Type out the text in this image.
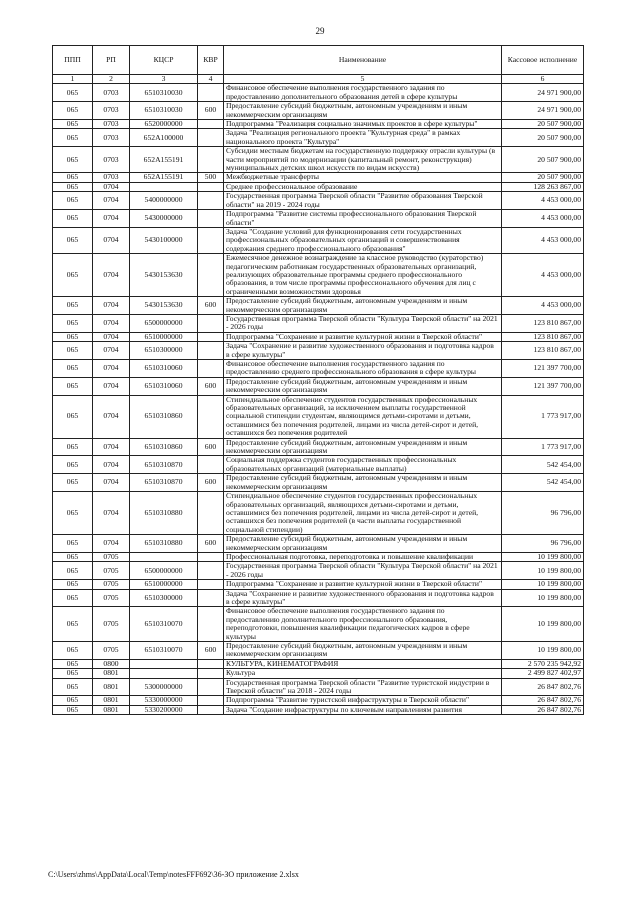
29
ППП	РП	КЦСР	КВР	Наименование	Кассовое исполнение
1	2	3	4	5	6
065	0703	6510310030		Финансовое обеспечение выполнения государственного задания по предоставлению дополнительного образования детей в сфере культуры	24 971 900,00
065	0703	6510310030	600	Предоставление субсидий бюджетным, автономным учреждениям и иным некоммерческим организациям	24 971 900,00
065	0703	6520000000		Подпрограмма "Реализация социально значимых проектов в сфере культуры"	20 507 900,00
065	0703	652A100000		Задача "Реализация регионального проекта "Культурная среда" в рамках национального проекта "Культура"	20 507 900,00
065	0703	652A155191		Субсидии местным бюджетам на государственную поддержку отрасли культуры (в части мероприятий по модернизации (капитальный ремонт, реконструкция) муниципальных детских школ искусств по видам искусств)	20 507 900,00
065	0703	652A155191	500	Межбюджетные трансферты	20 507 900,00
065	0704			Среднее профессиональное образование	128 263 867,00
065	0704	5400000000		Государственная программа Тверской области "Развитие образования Тверской области" на 2019 - 2024 годы	4 453 000,00
065	0704	5430000000		Подпрограмма "Развитие системы профессионального образования Тверской области"	4 453 000,00
065	0704	5430100000		Задача "Создание условий для функционирования сети государственных профессиональных образовательных организаций и совершенствования содержания среднего профессионального образования"	4 453 000,00
065	0704	5430153630		Ежемесячное денежное вознаграждение за классное руководство (кураторство) педагогическим работникам государственных образовательных организаций, реализующих образовательные программы среднего профессионального образования, в том числе программы профессионального обучения для лиц с ограниченными возможностями здоровья	4 453 000,00
065	0704	5430153630	600	Предоставление субсидий бюджетным, автономным учреждениям и иным некоммерческим организациям	4 453 000,00
065	0704	6500000000		Государственная программа Тверской области "Культура Тверской области" на 2021 - 2026 годы	123 810 867,00
065	0704	6510000000		Подпрограмма "Сохранение и развитие культурной жизни в Тверской области"	123 810 867,00
065	0704	6510300000		Задача "Сохранение и развитие художественного образования и подготовка кадров в сфере культуры"	123 810 867,00
065	0704	6510310060		Финансовое обеспечение выполнения государственного задания по предоставлению среднего профессионального образования в сфере культуры	121 397 700,00
065	0704	6510310060	600	Предоставление субсидий бюджетным, автономным учреждениям и иным некоммерческим организациям	121 397 700,00
065	0704	6510310860		Стипендиальное обеспечение студентов государственных профессиональных образовательных организаций, за исключением выплаты государственной социальной стипендии студентам, являющимся детьми-сиротами и детьми, оставшимися без попечения родителей, лицами из числа детей-сирот и детей, оставшихся без попечения родителей	1 773 917,00
065	0704	6510310860	600	Предоставление субсидий бюджетным, автономным учреждениям и иным некоммерческим организациям	1 773 917,00
065	0704	6510310870		Социальная поддержка студентов государственных профессиональных образовательных организаций (материальные выплаты)	542 454,00
065	0704	6510310870	600	Предоставление субсидий бюджетным, автономным учреждениям и иным некоммерческим организациям	542 454,00
065	0704	6510310880		Стипендиальное обеспечение студентов государственных профессиональных образовательных организаций, являющихся детьми-сиротами и детьми, оставшимися без попечения родителей, лицами из числа детей-сирот и детей, оставшихся без попечения родителей (в части выплаты государственной социальной стипендии)	96 796,00
065	0704	6510310880	600	Предоставление субсидий бюджетным, автономным учреждениям и иным некоммерческим организациям	96 796,00
065	0705			Профессиональная подготовка, переподготовка и повышение квалификации	10 199 800,00
065	0705	6500000000		Государственная программа Тверской области "Культура Тверской области" на 2021 - 2026 годы	10 199 800,00
065	0705	6510000000		Подпрограмма "Сохранение и развитие культурной жизни в Тверской области"	10 199 800,00
065	0705	6510300000		Задача "Сохранение и развитие художественного образования и подготовка кадров в сфере культуры"	10 199 800,00
065	0705	6510310070		Финансовое обеспечение выполнения государственного задания по предоставлению дополнительного профессионального образования, переподготовки, повышения квалификации педагогических кадров в сфере культуры	10 199 800,00
065	0705	6510310070	600	Предоставление субсидий бюджетным, автономным учреждениям и иным некоммерческим организациям	10 199 800,00
065	0800			КУЛЬТУРА, КИНЕМАТОГРАФИЯ	2 570 235 942,92
065	0801			Культура	2 499 827 402,97
065	0801	5300000000		Государственная программа Тверской области "Развитие туристской индустрии в Тверской области" на 2018 - 2024 годы	26 847 802,76
065	0801	5330000000		Подпрограмма "Развитие туристской инфраструктуры в Тверской области"	26 847 802,76
065	0801	5330200000		Задача "Создание инфраструктуры по ключевым направлениям развития	26 847 802,76
C:\Users\zhms\AppData\Local\Temp\notesFFF692\36-ЗО приложение 2.xlsx
